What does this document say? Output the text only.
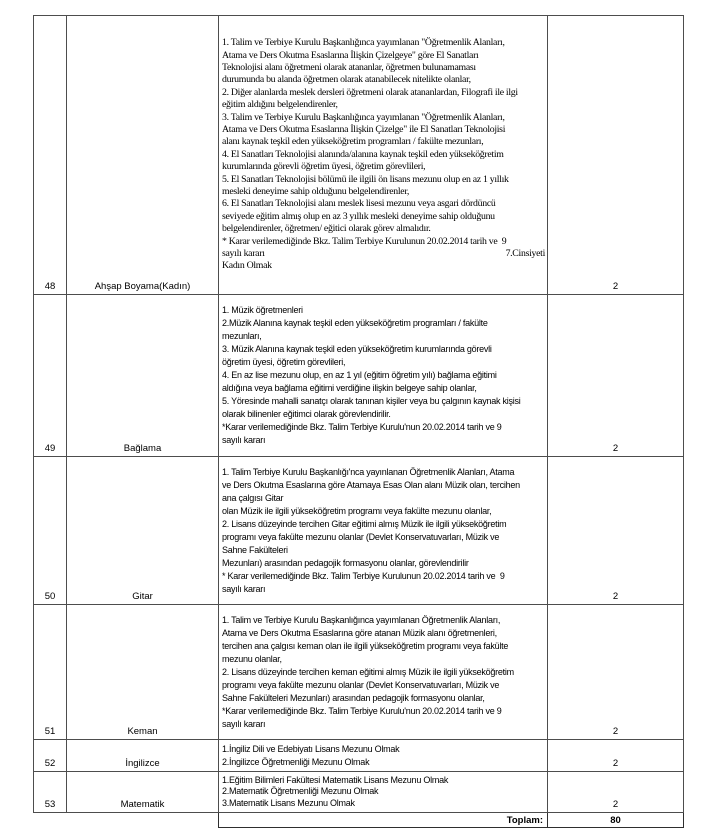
48	Ahşap Boyama(Kadın)	
1. Talim ve Terbiye Kurulu Başkanlığınca yayımlanan "Öğretmenlik Alanları,
Atama ve Ders Okutma Esaslarına İlişkin Çizelgeye" göre El Sanatları
Teknolojisi alanı öğretmeni olarak atananlar, öğretmen bulunamaması
durumunda bu alanda öğretmen olarak atanabilecek nitelikte olanlar,
2. Diğer alanlarda meslek dersleri öğretmeni olarak atananlardan, Filografi ile ilgi
eğitim aldığını belgelendirenler,
3. Talim ve Terbiye Kurulu Başkanlığınca yayımlanan "Öğretmenlik Alanları,
Atama ve Ders Okutma Esaslarına İlişkin Çizelge" ile El Sanatları Teknolojisi
alanı kaynak teşkil eden yükseköğretim programları / fakülte mezunları,
4. El Sanatları Teknolojisi alanında/alanına kaynak teşkil eden yükseköğretim
kurumlarında görevli öğretim üyesi, öğretim görevlileri,
5. El Sanatları Teknolojisi bölümü ile ilgili ön lisans mezunu olup en az 1 yıllık
mesleki deneyime sahip olduğunu belgelendirenler,
6. El Sanatları Teknolojisi alanı meslek lisesi mezunu veya asgari dördüncü
seviyede eğitim almış olup en az 3 yıllık mesleki deneyime sahip olduğunu
belgelendirenler, öğretmen/ eğitici olarak görev almalıdır.
* Karar verilemediğinde Bkz. Talim Terbiye Kurulunun 20.02.2014 tarih ve  9
sayılı kararı	7.Cinsiyeti
Kadın Olmak
	2
49	Bağlama	
1. Müzik öğretmenleri
2.Müzik Alanına kaynak teşkil eden yükseköğretim programları / fakülte
mezunları,
3. Müzik Alanına kaynak teşkil eden yükseköğretim kurumlarında görevli
öğretim üyesi, öğretim görevlileri,
4. En az lise mezunu olup, en az 1 yıl (eğitim öğretim yılı) bağlama eğitimi
aldığına veya bağlama eğitimi verdiğine ilişkin belgeye sahip olanlar,
5. Yöresinde mahalli sanatçı olarak tanınan kişiler veya bu çalgının kaynak kişisi
olarak bilinenler eğitimci olarak görevlendirilir.
*Karar verilemediğinde Bkz. Talim Terbiye Kurulu'nun 20.02.2014 tarih ve 9
sayılı kararı
	2
50	Gitar	
1. Talim Terbiye Kurulu Başkanlığı'nca yayınlanan Öğretmenlik Alanları, Atama
ve Ders Okutma Esaslarına göre Atamaya Esas Olan alanı Müzik olan, tercihen
ana çalgısı Gitar
olan Müzik ile ilgili yükseköğretim programı veya fakülte mezunu olanlar,
2. Lisans düzeyinde tercihen Gitar eğitimi almış Müzik ile ilgili yükseköğretim
programı veya fakülte mezunu olanlar (Devlet Konservatuvarları, Müzik ve
Sahne Fakülteleri
Mezunları) arasından pedagojik formasyonu olanlar, görevlendirilir
* Karar verilemediğinde Bkz. Talim Terbiye Kurulunun 20.02.2014 tarih ve  9
sayılı kararı
	2
51	Keman	
1. Talim ve Terbiye Kurulu Başkanlığınca yayımlanan Öğretmenlik Alanları,
Atama ve Ders Okutma Esaslarına göre atanan Müzik alanı öğretmenleri,
tercihen ana çalgısı keman olan ile ilgili yükseköğretim programı veya fakülte
mezunu olanlar,
2. Lisans düzeyinde tercihen keman eğitimi almış Müzik ile ilgili yükseköğretim
programı veya fakülte mezunu olanlar (Devlet Konservatuvarları, Müzik ve
Sahne Fakülteleri Mezunları) arasından pedagojik formasyonu olanlar,
*Karar verilemediğinde Bkz. Talim Terbiye Kurulu'nun 20.02.2014 tarih ve 9
sayılı kararı
	2
52	İngilizce	1.İngiliz Dili ve Edebiyatı Lisans Mezunu Olmak
2.İngilizce Öğretmenliği Mezunu Olmak	2
53	Matematik	1.Eğitim Bilimleri Fakültesi Matematik Lisans Mezunu Olmak
2.Matematik Öğretmenliği Mezunu Olmak
3.Matematik Lisans Mezunu Olmak	2
		Toplam:	80
